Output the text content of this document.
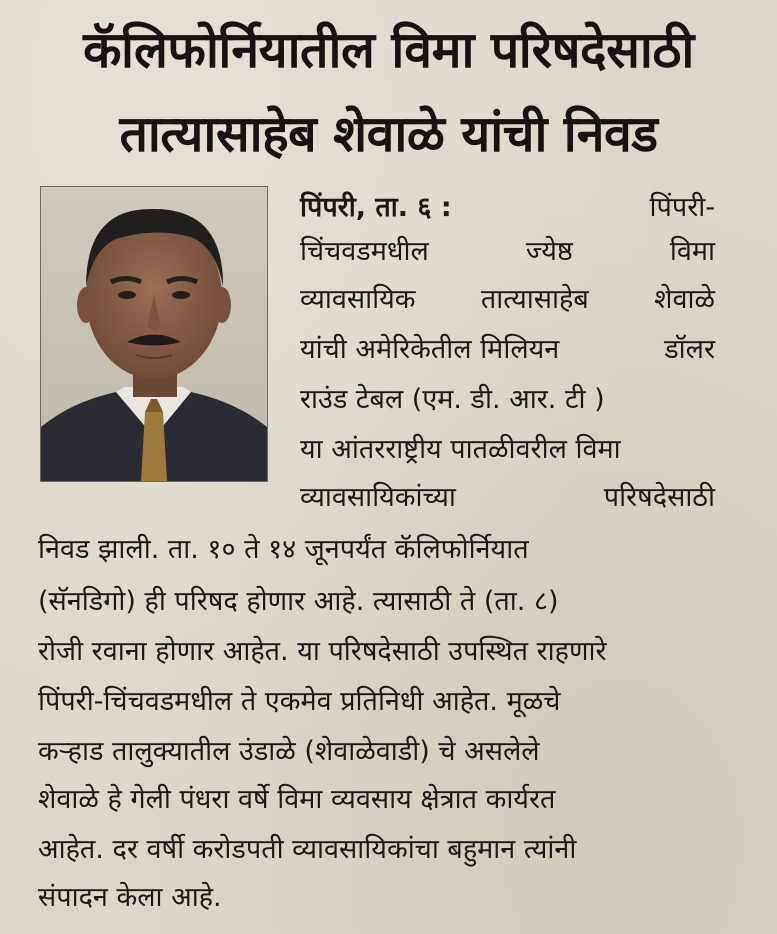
कॅलिफोर्नियातील विमा परिषदेसाठी
तात्यासाहेब शेवाळे यांची निवड
पिंपरी, ता. ६ :	पिंपरी-
चिंचवडमधील	ज्येष्ठ	विमा
व्यावसायिक तात्यासाहेब शेवाळे
यांची अमेरिकेतील मिलियन	डॉलर
राउंड टेबल (एम. डी. आर. टी )
या आंतरराष्ट्रीय पातळीवरील विमा
व्यावसायिकांच्या	परिषदेसाठी
निवड झाली. ता. १० ते १४ जूनपर्यंत कॅलिफोर्नियात
(सॅनडिगो) ही परिषद होणार आहे. त्यासाठी ते (ता. ८)
रोजी रवाना होणार आहेत. या परिषदेसाठी उपस्थित राहणारे
पिंपरी-चिंचवडमधील ते एकमेव प्रतिनिधी आहेत. मूळचे
कऱ्हाड तालुक्यातील उंडाळे (शेवाळेवाडी) चे असलेले
शेवाळे हे गेली पंधरा वर्षे विमा व्यवसाय क्षेत्रात कार्यरत
आहेत. दर वर्षी करोडपती व्यावसायिकांचा बहुमान त्यांनी
संपादन केला आहे.
